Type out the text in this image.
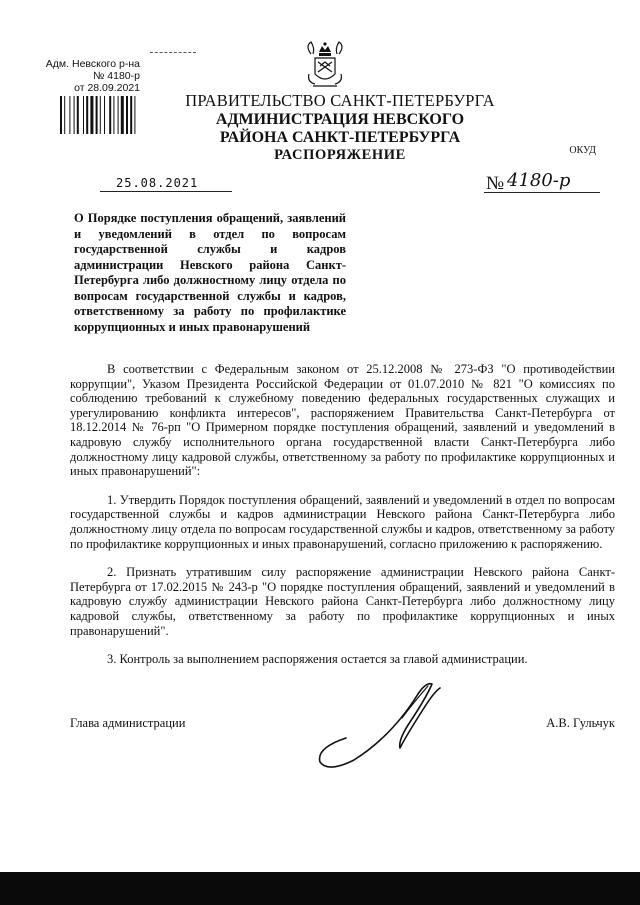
Адм. Невского р-на
№ 4180-р
от 28.09.2021
ПРАВИТЕЛЬСТВО САНКТ-ПЕТЕРБУРГА
АДМИНИСТРАЦИЯ НЕВСКОГО
РАЙОНА САНКТ-ПЕТЕРБУРГА
РАСПОРЯЖЕНИЕ	ОКУД
25.08.2021	№ 4180-р

О Порядке поступления обращений, заявлений и уведомлений в отдел по вопросам государственной службы и кадров администрации Невского района Санкт-Петербурга либо должностному лицу отдела по вопросам государственной службы и кадров, ответственному за работу по профилактике коррупционных и иных правонарушений

В соответствии с Федеральным законом от 25.12.2008 № 273-ФЗ "О противодействии коррупции", Указом Президента Российской Федерации от 01.07.2010 № 821 "О комиссиях по соблюдению требований к служебному поведению федеральных государственных служащих и урегулированию конфликта интересов", распоряжением Правительства Санкт-Петербурга от 18.12.2014 № 76-рп "О Примерном порядке поступления обращений, заявлений и уведомлений в кадровую службу исполнительного органа государственной власти Санкт-Петербурга либо должностному лицу кадровой службы, ответственному за работу по профилактике коррупционных и иных правонарушений":

1. Утвердить Порядок поступления обращений, заявлений и уведомлений в отдел по вопросам государственной службы и кадров администрации Невского района Санкт-Петербурга либо должностному лицу отдела по вопросам государственной службы и кадров, ответственному за работу по профилактике коррупционных и иных правонарушений, согласно приложению к распоряжению.

2. Признать утратившим силу распоряжение администрации Невского района Санкт-Петербурга от 17.02.2015 № 243-р "О порядке поступления обращений, заявлений и уведомлений в кадровую службу администрации Невского района Санкт-Петербурга либо должностному лицу кадровой службы, ответственному за работу по профилактике коррупционных и иных правонарушений".

3. Контроль за выполнением распоряжения остается за главой администрации.

Глава администрации	А.В. Гульчук
